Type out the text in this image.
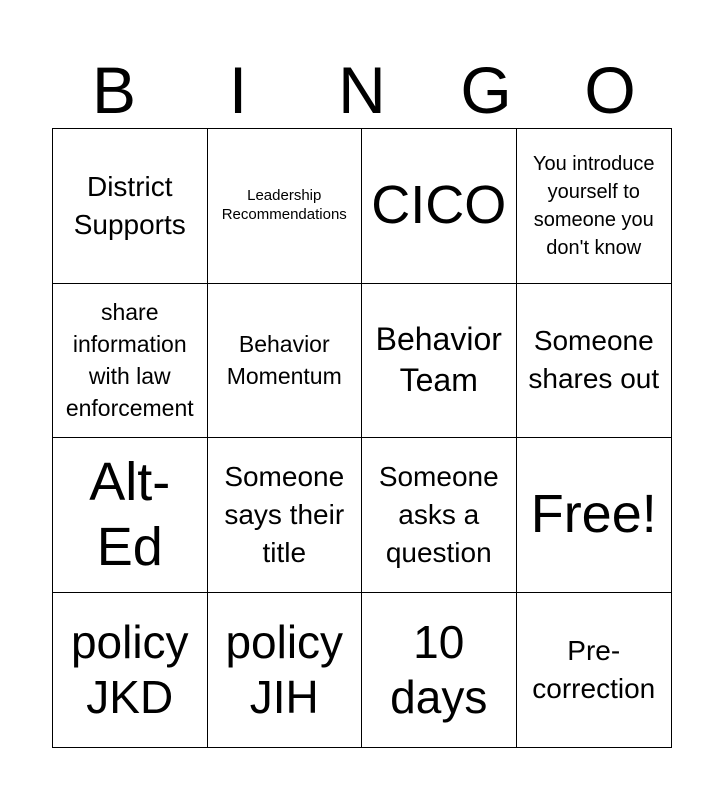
B	I	N	G	O
District Supports
Leadership Recommendations CICO
You introduce yourself to someone you don't know
share information with law enforcement
Behavior Momentum
Behavior Team
Someone shares out
Alt-Ed
Someone says their title
Someone asks a question
Free!
policy JKD
policy JIH
10 days
Pre-correction
